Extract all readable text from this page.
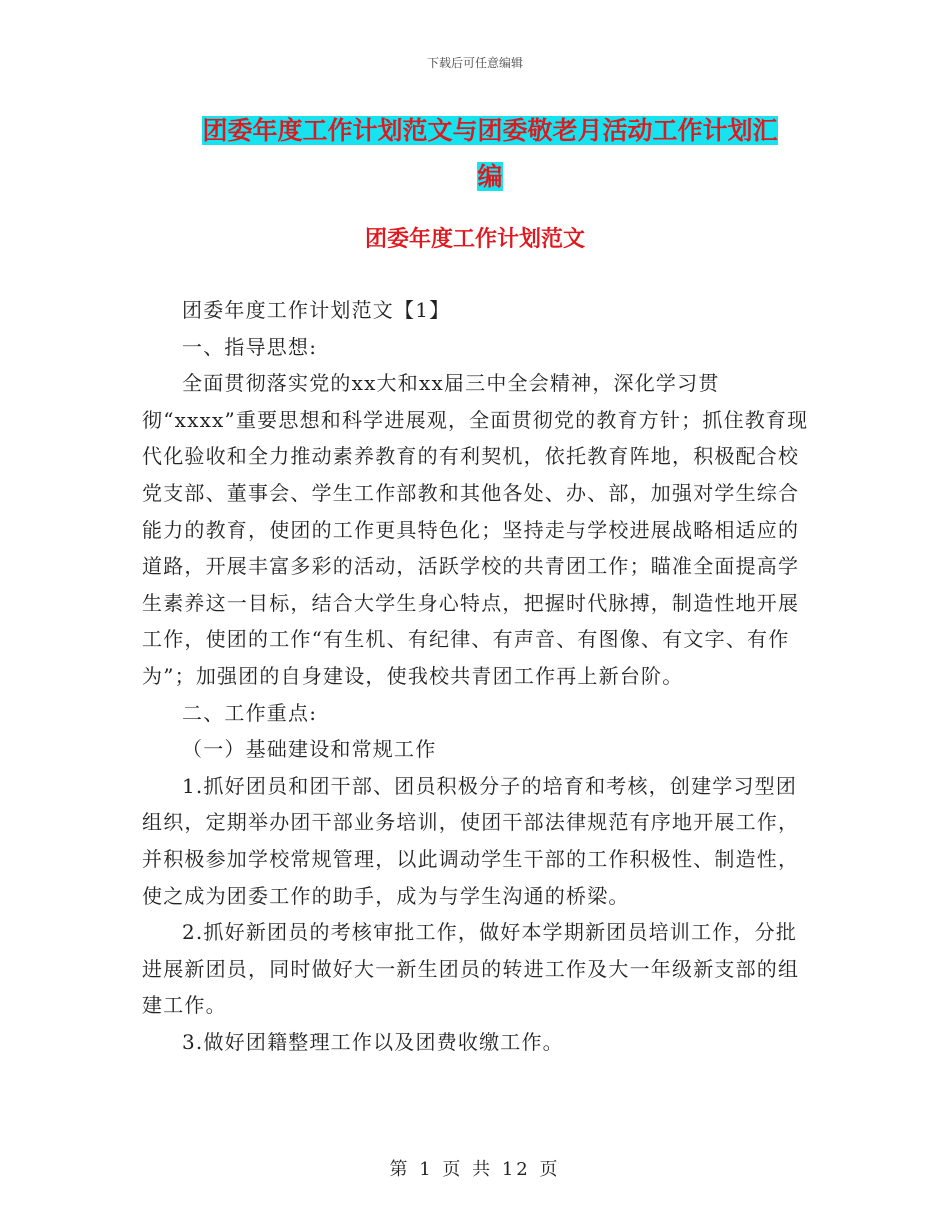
下载后可任意编辑
团委年度工作计划范文与团委敬老月活动工作计划汇
编
团委年度工作计划范文

团委年度工作计划范文【1】

一、指导思想:

全面贯彻落实党的xx大和xx届三中全会精神，深化学习贯彻“xxxx”重要思想和科学进展观，全面贯彻党的教育方针；抓住教育现代化验收和全力推动素养教育的有利契机，依托教育阵地，积极配合校党支部、董事会、学生工作部教和其他各处、办、部，加强对学生综合能力的教育，使团的工作更具特色化；坚持走与学校进展战略相适应的道路，开展丰富多彩的活动，活跃学校的共青团工作；瞄准全面提高学生素养这一目标，结合大学生身心特点，把握时代脉搏，制造性地开展工作，使团的工作“有生机、有纪律、有声音、有图像、有文字、有作为”；加强团的自身建设，使我校共青团工作再上新台阶。

二、工作重点:

（一）基础建设和常规工作

1.抓好团员和团干部、团员积极分子的培育和考核，创建学习型团组织，定期举办团干部业务培训，使团干部法律规范有序地开展工作，并积极参加学校常规管理，以此调动学生干部的工作积极性、制造性，使之成为团委工作的助手，成为与学生沟通的桥梁。

2.抓好新团员的考核审批工作，做好本学期新团员培训工作，分批进展新团员，同时做好大一新生团员的转进工作及大一年级新支部的组建工作。

3.做好团籍整理工作以及团费收缴工作。

第 1 页 共 12 页
